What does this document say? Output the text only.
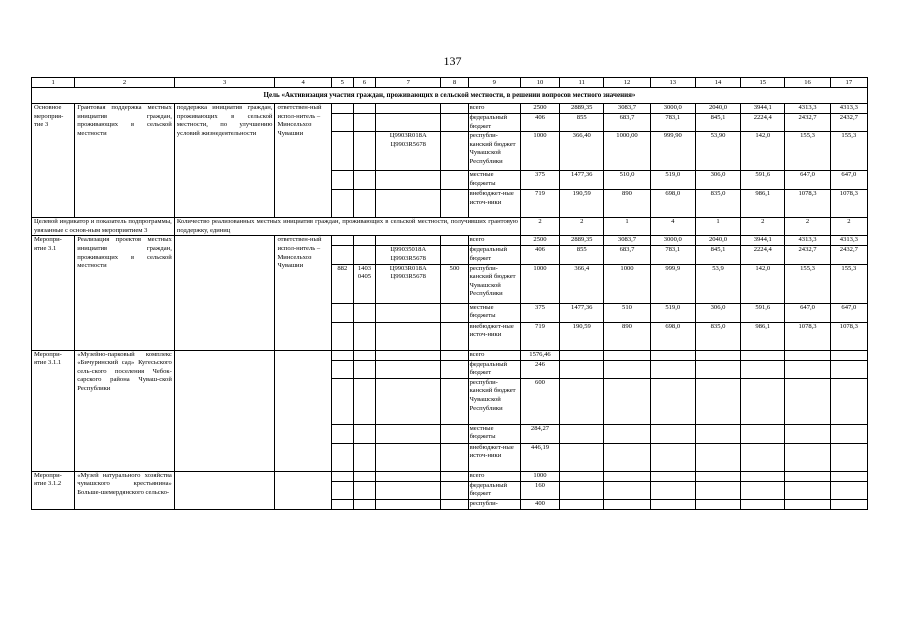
137
1	2	3	4	5	6	7	8	9	10	11	12	13	14	15	16	17
Цель «Активизация участия граждан, проживающих в сельской местности, в решении вопросов местного значения»																
Основное мероприя-тие 3	Грантовая поддержка местных инициатив граждан, проживающих в сельской местности	поддержка инициатив граждан, проживающих в сельской местности, по улучшению условий жизнедеятельности	ответствен-ный испол-нитель – Минсельхоз Чувашии					всего	2500	2889,35	3083,7	3000,0	2040,0	3944,1	4313,3	4313,3
								федеральный бюджет	406	855	683,7	783,1	845,1	2224,4	2432,7	2432,7
						Ц9903R018A Ц9903R5678		республи-канский бюджет Чувашской Республики	1000	366,40	1000,00	999,90	53,90	142,0	155,3	155,3
								местные бюджеты	375	1477,36	510,0	519,0	306,0	591,6	647,0	647,0
								внебюджет-ные источ-ники	719	190,59	890	698,0	835,0	986,1	1078,3	1078,3
Целевой индикатор и показатель подпрограммы, увязанные с основ-ным мероприятием 3		Количество реализованных местных инициатив граждан, проживающих в сельской местности, получивших грантовую поддержку, единиц							2	2	1	4	1	2	2	2
Меропри-ятие 3.1	Реализация проектов местных инициатив граждан, проживающих в сельской местности		ответствен-ный испол-нитель – Минсельхоз Чувашии					всего	2500	2889,35	3083,7	3000,0	2040,0	3944,1	4313,3	4313,3
						Ц99035018А Ц9903R5678		федеральный бюджет	406	855	683,7	783,1	845,1	2224,4	2432,7	2432,7
				882	1403 0405	Ц9903R018A Ц9903R5678	500	республи-канский бюджет Чувашской Республики	1000	366,4	1000	999,9	53,9	142,0	155,3	155,3
								местные бюджеты	375	1477,36	510	519,0	306,0	591,6	647,0	647,0
								внебюджет-ные источ-ники	719	190,59	890	698,0	835,0	986,1	1078,3	1078,3
Меропри-ятие 3.1.1	«Музейно-парковый комплекс «Бичуринский сад» Кугесьского сель-ского поселения Чебок-сарского района Чуваш-ской Республики							всего	1576,46							
								федеральный бюджет	246							
								республи-канский бюджет Чувашской Республики	600							
								местные бюджеты	284,27							
								внебюджет-ные источ-ники	446,19							
Меропри-ятие 3.1.2	«Музей натурального хозяйства чувашского крестьянина» Больше-шемердянского сельско-							всего	1000							
								федеральный бюджет	160							
								республи-	400							
